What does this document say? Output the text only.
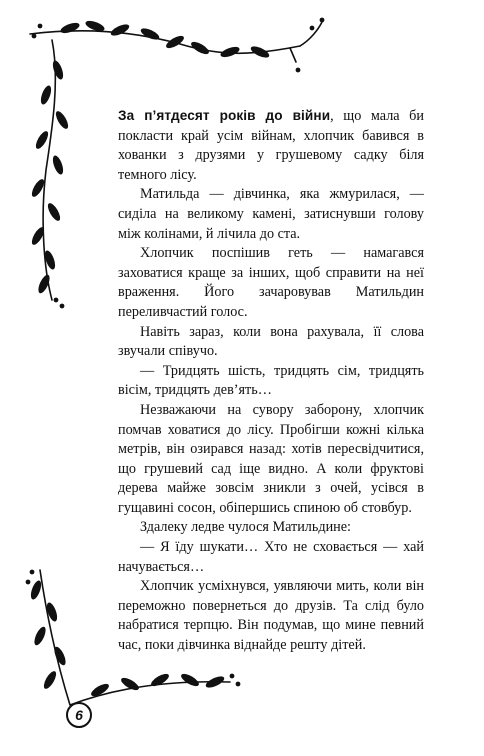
За п’ятдесят років до війни, що мала би покласти край усім війнам, хлопчик бавився в хованки з друзями у грушевому садку біля темного лісу.

Матильда — дівчинка, яка жмурилася, — сиділа на великому камені, затиснувши голову між колінами, й лічила до ста.

Хлопчик поспішив геть — намагався заховатися краще за інших, щоб справити на неї враження. Його зачаровував Матильдин переливчастий голос.

Навіть зараз, коли вона рахувала, її слова звучали співучо.

— Тридцять шість, тридцять сім, тридцять вісім, тридцять дев’ять…

Незважаючи на сувору заборону, хлопчик помчав ховатися до лісу. Пробігши кожні кілька метрів, він озирався назад: хотів пересвідчитися, що грушевий сад іще видно. А коли фруктові дерева майже зовсім зникли з очей, усівся в гущавині сосон, обіпершись спиною об стовбур.

Здалеку ледве чулося Матильдине:

— Я їду шукати… Хто не сховається — хай начувається…

Хлопчик усміхнувся, уявляючи мить, коли він переможно повернеться до друзів. Та слід було набратися терпцю. Він подумав, що мине певний час, поки дівчинка віднайде решту дітей.

6
